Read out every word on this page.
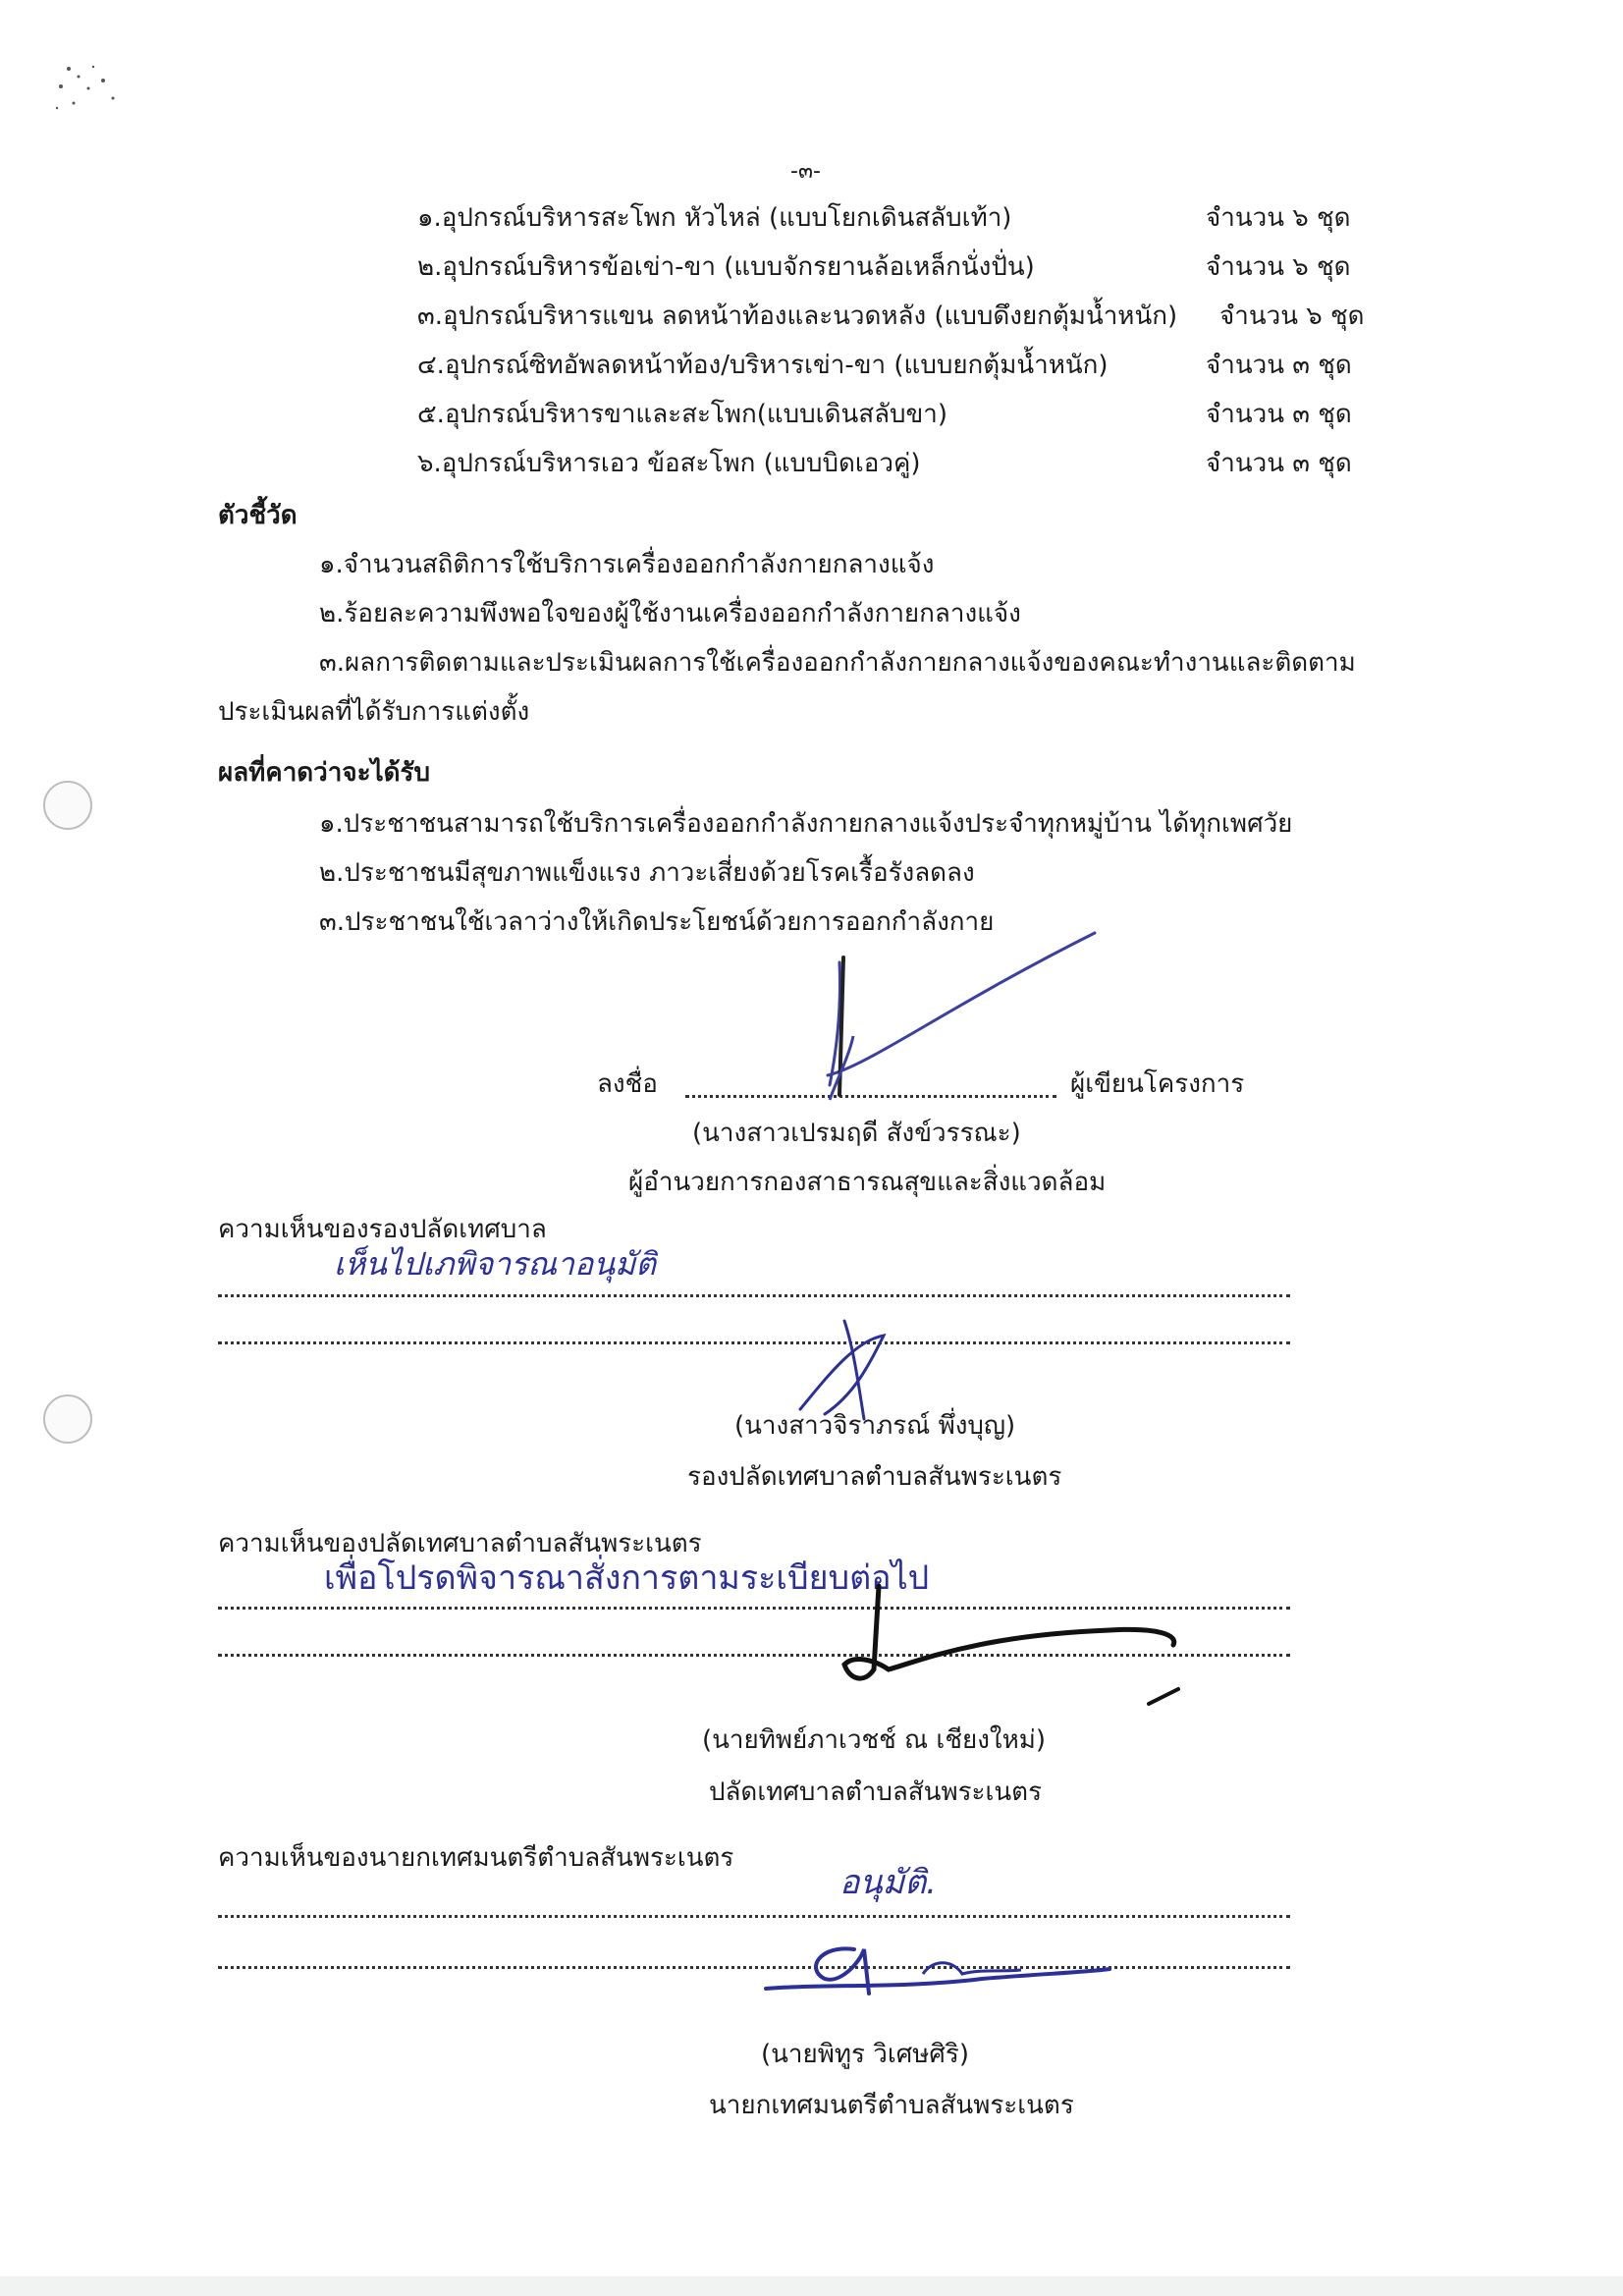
-๓-
๑.อุปกรณ์บริหารสะโพก หัวไหล่ (แบบโยกเดินสลับเท้า)	จำนวน ๖ ชุด
๒.อุปกรณ์บริหารข้อเข่า-ขา (แบบจักรยานล้อเหล็กนั่งปั่น)	จำนวน ๖ ชุด
๓.อุปกรณ์บริหารแขน ลดหน้าท้องและนวดหลัง (แบบดึงยกตุ้มน้ำหนัก) จำนวน ๖ ชุด
๔.อุปกรณ์ซิทอัพลดหน้าท้อง/บริหารเข่า-ขา (แบบยกตุ้มน้ำหนัก)	จำนวน ๓ ชุด
๕.อุปกรณ์บริหารขาและสะโพก(แบบเดินสลับขา)	จำนวน ๓ ชุด
๖.อุปกรณ์บริหารเอว ข้อสะโพก (แบบบิดเอวคู่)	จำนวน ๓ ชุด
ตัวชี้วัด
๑.จำนวนสถิติการใช้บริการเครื่องออกกำลังกายกลางแจ้ง
๒.ร้อยละความพึงพอใจของผู้ใช้งานเครื่องออกกำลังกายกลางแจ้ง
๓.ผลการติดตามและประเมินผลการใช้เครื่องออกกำลังกายกลางแจ้งของคณะทำงานและติดตาม
ประเมินผลที่ได้รับการแต่งตั้ง
ผลที่คาดว่าจะได้รับ
๑.ประชาชนสามารถใช้บริการเครื่องออกกำลังกายกลางแจ้งประจำทุกหมู่บ้าน ได้ทุกเพศวัย
๒.ประชาชนมีสุขภาพแข็งแรง ภาวะเสี่ยงด้วยโรคเรื้อรังลดลง
๓.ประชาชนใช้เวลาว่างให้เกิดประโยชน์ด้วยการออกกำลังกาย
ลงชื่อ	ผู้เขียนโครงการ
(นางสาวเปรมฤดี สังข์วรรณะ)
ผู้อำนวยการกองสาธารณสุขและสิ่งแวดล้อม
ความเห็นของรองปลัดเทศบาล
เห็นไปเภพิจารณาอนุมัติ
(นางสาวจิราภรณ์ พึ่งบุญ)
รองปลัดเทศบาลตำบลสันพระเนตร
ความเห็นของปลัดเทศบาลตำบลสันพระเนตร
เพื่อโปรดพิจารณาสั่งการตามระเบียบต่อไป
(นายทิพย์ภาเวชช์ ณ เชียงใหม่)
ปลัดเทศบาลตำบลสันพระเนตร
ความเห็นของนายกเทศมนตรีตำบลสันพระเนตร
อนุมัติ.
(นายพิทูร วิเศษศิริ)
นายกเทศมนตรีตำบลสันพระเนตร
